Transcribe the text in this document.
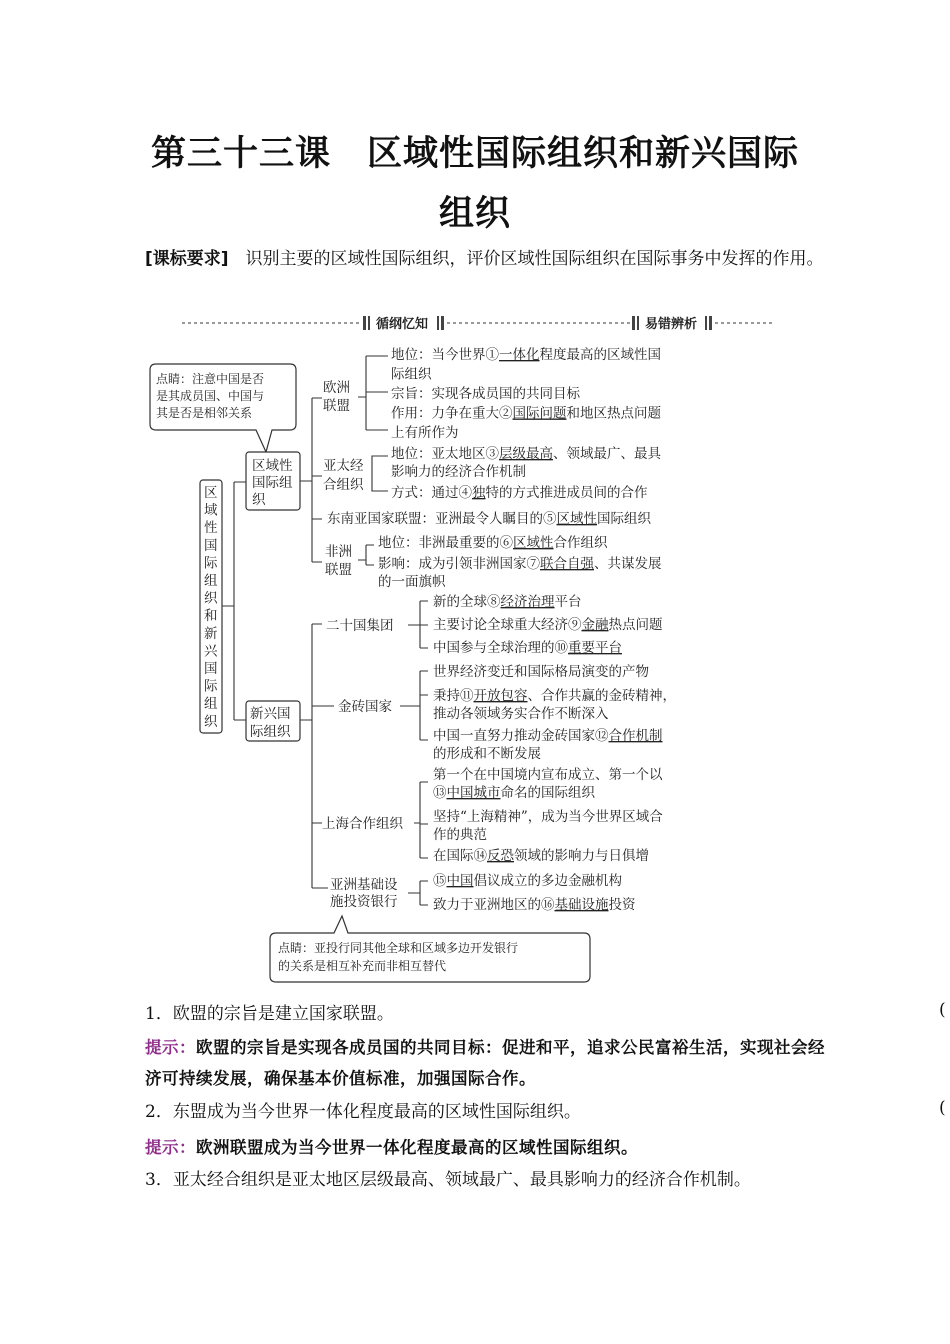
第三十三课　区域性国际组织和新兴国际
组织
[课标要求]　识别主要的区域性国际组织，评价区域性国际组织在国际事务中发挥的作用。
循纲忆知	易错辨析
点睛：注意中国是否
是其成员国、中国与
其是否是相邻关系
区
域
性
国
际
组
织
和
新
兴
国
际
组
织
区域性
国际组
织
新兴国
际组织
欧洲
联盟
地位：当今世界①一体化程度最高的区域性国
际组织
宗旨：实现各成员国的共同目标
作用：力争在重大②国际问题和地区热点问题
上有所作为
亚太经
合组织
地位：亚太地区③层级最高、领域最广、最具
影响力的经济合作机制
方式：通过④独特的方式推进成员间的合作
东南亚国家联盟：亚洲最令人瞩目的⑤区域性国际组织
非洲
联盟
地位：非洲最重要的⑥区域性合作组织
影响：成为引领非洲国家⑦联合自强、共谋发展
的一面旗帜
二十国集团
新的全球⑧经济治理平台
主要讨论全球重大经济⑨金融热点问题
中国参与全球治理的⑩重要平台
金砖国家
世界经济变迁和国际格局演变的产物
秉持⑪开放包容、合作共赢的金砖精神，
推动各领域务实合作不断深入
中国一直努力推动金砖国家⑫合作机制
的形成和不断发展
上海合作组织
第一个在中国境内宣布成立、第一个以
⑬中国城市命名的国际组织
坚持“上海精神”，成为当今世界区域合
作的典范
在国际⑭反恐领域的影响力与日俱增
亚洲基础设
施投资银行
⑮中国倡议成立的多边金融机构
致力于亚洲地区的⑯基础设施投资
点睛：亚投行同其他全球和区域多边开发银行
的关系是相互补充而非相互替代
1．欧盟的宗旨是建立国家联盟。	(
提示：欧盟的宗旨是实现各成员国的共同目标：促进和平，追求公民富裕生活，实现社会经济可持续发展，确保基本价值标准，加强国际合作。
2．东盟成为当今世界一体化程度最高的区域性国际组织。	(
提示：欧洲联盟成为当今世界一体化程度最高的区域性国际组织。
3．亚太经合组织是亚太地区层级最高、领域最广、最具影响力的经济合作机制。
